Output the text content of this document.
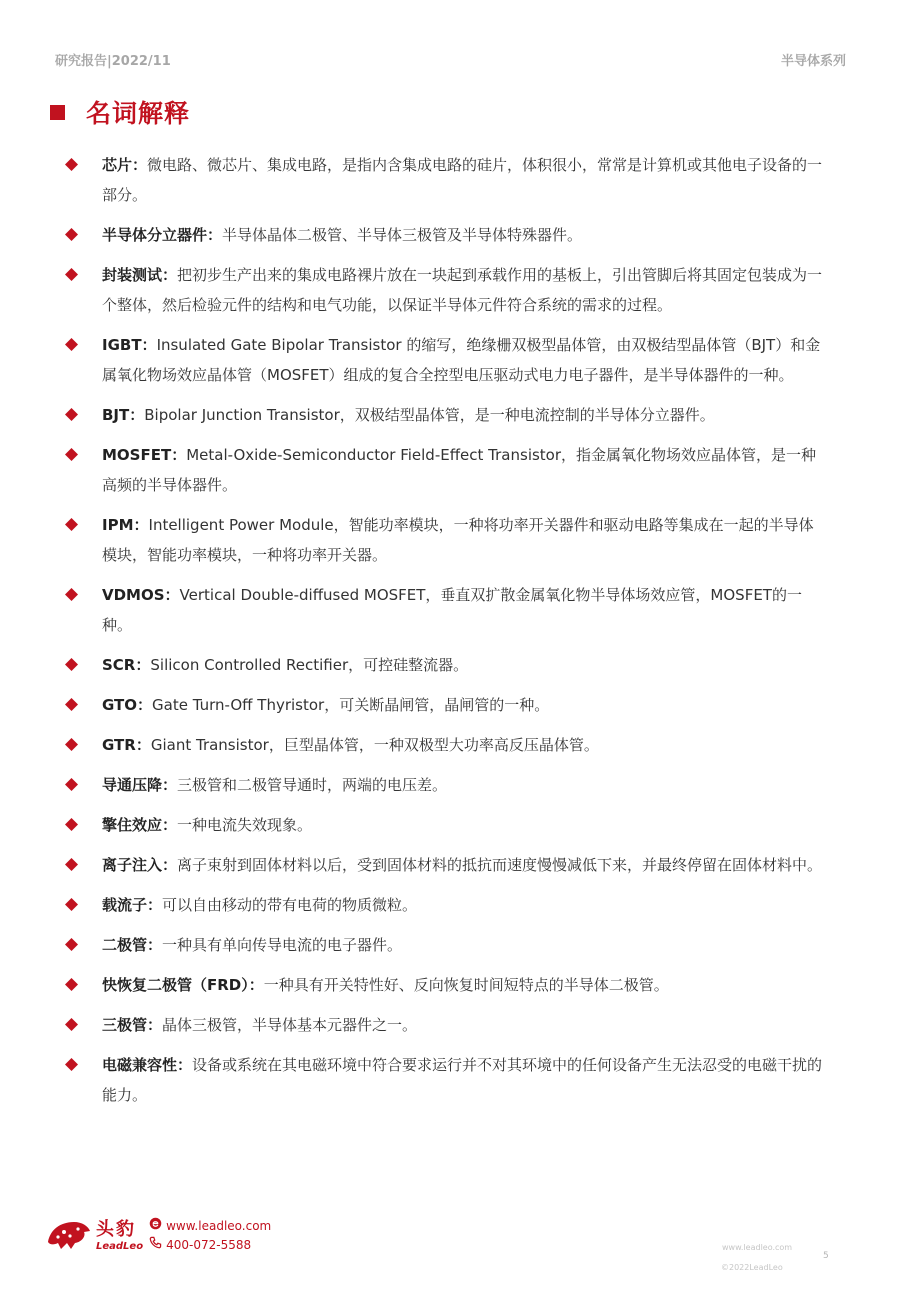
研究报告|2022/11	半导体系列
名词解释
芯片：微电路、微芯片、集成电路，是指内含集成电路的硅片，体积很小，常常是计算机或其他电子设备的一部分。
半导体分立器件：半导体晶体二极管、半导体三极管及半导体特殊器件。
封装测试：把初步生产出来的集成电路裸片放在一块起到承载作用的基板上，引出管脚后将其固定包装成为一个整体，然后检验元件的结构和电气功能，以保证半导体元件符合系统的需求的过程。
IGBT：Insulated Gate Bipolar Transistor 的缩写，绝缘栅双极型晶体管，由双极结型晶体管（BJT）和金属氧化物场效应晶体管（MOSFET）组成的复合全控型电压驱动式电力电子器件，是半导体器件的一种。
BJT：Bipolar Junction Transistor，双极结型晶体管，是一种电流控制的半导体分立器件。
MOSFET：Metal-Oxide-Semiconductor Field-Effect Transistor，指金属氧化物场效应晶体管，是一种高频的半导体器件。
IPM：Intelligent Power Module，智能功率模块，一种将功率开关器件和驱动电路等集成在一起的半导体模块，智能功率模块，一种将功率开关器。
VDMOS：Vertical Double-diffused MOSFET，垂直双扩散金属氧化物半导体场效应管，MOSFET的一种。
SCR：Silicon Controlled Rectifier，可控硅整流器。
GTO：Gate Turn-Off Thyristor，可关断晶闸管，晶闸管的一种。
GTR：Giant Transistor，巨型晶体管，一种双极型大功率高反压晶体管。
导通压降：三极管和二极管导通时，两端的电压差。
擎住效应：一种电流失效现象。
离子注入：离子束射到固体材料以后，受到固体材料的抵抗而速度慢慢减低下来，并最终停留在固体材料中。
载流子：可以自由移动的带有电荷的物质微粒。
二极管：一种具有单向传导电流的电子器件。
快恢复二极管（FRD）：一种具有开关特性好、反向恢复时间短特点的半导体二极管。
三极管：晶体三极管，半导体基本元器件之一。
电磁兼容性：设备或系统在其电磁环境中符合要求运行并不对其环境中的任何设备产生无法忍受的电磁干扰的能力。
头豹
LeadLeo
www.leadleo.com
400-072-5588	www.leadleo.com
©2022LeadLeo
5
